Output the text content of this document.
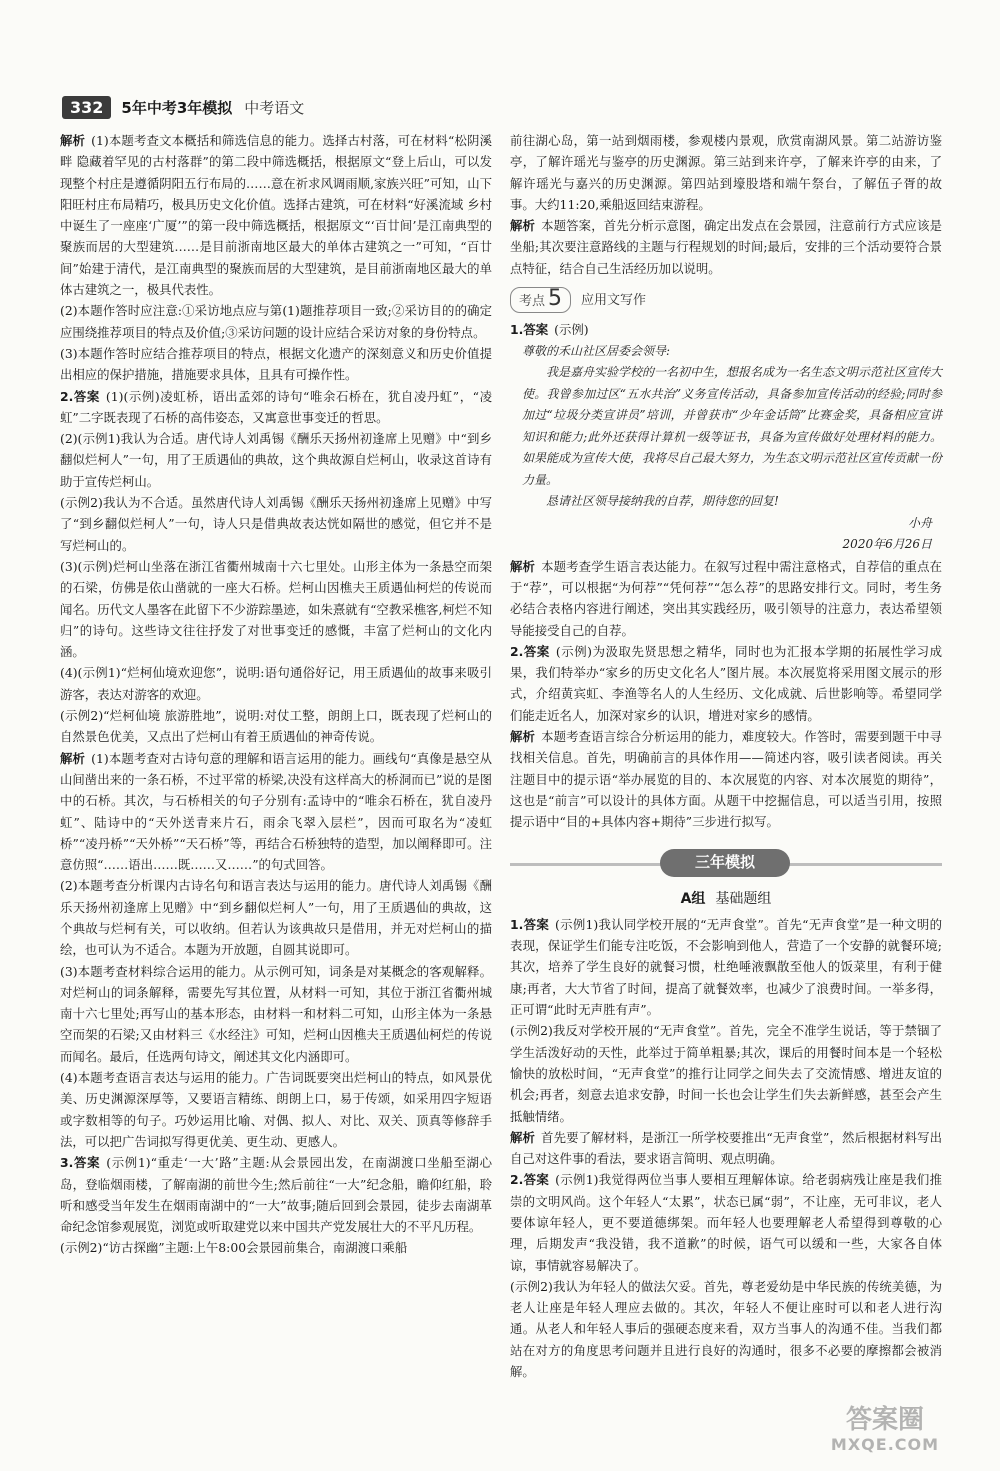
332	5年中考3年模拟 中考语文

解析 (1)本题考查文本概括和筛选信息的能力。选择古村落，可在材料“松阴溪畔 隐藏着罕见的古村落群”的第二段中筛选概括，根据原文“登上后山，可以发现整个村庄是遵循阴阳五行布局的……意在祈求风调雨顺,家族兴旺”可知，山下阳旺村庄布局精巧，极具历史文化价值。选择古建筑，可在材料“好溪流域 乡村中诞生了一座座‘广厦’”的第一段中筛选概括，根据原文“‘百廿间’是江南典型的聚族而居的大型建筑……是目前浙南地区最大的单体古建筑之一”可知，“百廿间”始建于清代，是江南典型的聚族而居的大型建筑，是目前浙南地区最大的单体古建筑之一，极具代表性。

(2)本题作答时应注意:①采访地点应与第(1)题推荐项目一致;②采访目的的确定应围绕推荐项目的特点及价值;③采访问题的设计应结合采访对象的身份特点。

(3)本题作答时应结合推荐项目的特点，根据文化遗产的深刻意义和历史价值提出相应的保护措施，措施要求具体，且具有可操作性。

2.答案 (1)(示例)凌虹桥，语出孟郊的诗句“唯余石桥在，犹自凌丹虹”，“凌虹”二字既表现了石桥的高伟姿态，又寓意世事变迁的哲思。

(2)(示例1)我认为合适。唐代诗人刘禹锡《酬乐天扬州初逢席上见赠》中“到乡翻似烂柯人”一句，用了王质遇仙的典故，这个典故源自烂柯山，收录这首诗有助于宣传烂柯山。

(示例2)我认为不合适。虽然唐代诗人刘禹锡《酬乐天扬州初逢席上见赠》中写了“到乡翻似烂柯人”一句，诗人只是借典故表达恍如隔世的感觉，但它并不是写烂柯山的。

(3)(示例)烂柯山坐落在浙江省衢州城南十六七里处。山形主体为一条悬空而架的石梁，仿佛是依山凿就的一座大石桥。烂柯山因樵夫王质遇仙柯烂的传说而闻名。历代文人墨客在此留下不少游踪墨迹，如朱熹就有“空教采樵客,柯烂不知归”的诗句。这些诗文往往抒发了对世事变迁的感慨，丰富了烂柯山的文化内涵。

(4)(示例1)“烂柯仙境欢迎您”，说明:语句通俗好记，用王质遇仙的故事来吸引游客，表达对游客的欢迎。

(示例2)“烂柯仙境 旅游胜地”，说明:对仗工整，朗朗上口，既表现了烂柯山的自然景色优美，又点出了烂柯山有着王质遇仙的神奇传说。

解析 (1)本题考查对古诗句意的理解和语言运用的能力。画线句“真像是悬空从山间凿出来的一条石桥，不过平常的桥梁,决没有这样高大的桥洞而已”说的是图中的石桥。其次，与石桥相关的句子分别有:孟诗中的“唯余石桥在，犹自凌丹虹”、陆诗中的“天外送青来片石，雨余飞翠入层栏”，因而可取名为“凌虹桥”“凌丹桥”“天外桥”“天石桥”等，再结合石桥独特的造型，加以阐释即可。注意仿照“……语出……既……又……”的句式回答。

(2)本题考查分析课内古诗名句和语言表达与运用的能力。唐代诗人刘禹锡《酬乐天扬州初逢席上见赠》中“到乡翻似烂柯人”一句，用了王质遇仙的典故，这个典故与烂柯有关，可以收纳。但若认为该典故只是借用，并无对烂柯山的描绘，也可认为不适合。本题为开放题，自圆其说即可。

(3)本题考查材料综合运用的能力。从示例可知，词条是对某概念的客观解释。对烂柯山的词条解释，需要先写其位置，从材料一可知，其位于浙江省衢州城南十六七里处;再写山的基本形态，由材料一和材料二可知，山形主体为一条悬空而架的石梁;又由材料三《水经注》可知，烂柯山因樵夫王质遇仙柯烂的传说而闻名。最后，任选两句诗文，阐述其文化内涵即可。

(4)本题考查语言表达与运用的能力。广告词既要突出烂柯山的特点，如风景优美、历史渊源深厚等，又要语言精练、朗朗上口，易于传颂，如采用四字短语或字数相等的句子。巧妙运用比喻、对偶、拟人、对比、双关、顶真等修辞手法，可以把广告词拟写得更优美、更生动、更感人。

3.答案 (示例1)“重走‘一大’路”主题:从会景园出发，在南湖渡口坐船至湖心岛，登临烟雨楼，了解南湖的前世今生;然后前往“一大”纪念船，瞻仰红船，聆听和感受当年发生在烟雨南湖中的“一大”故事;随后回到会景园，徒步去南湖革命纪念馆参观展览，浏览或听取建党以来中国共产党发展壮大的不平凡历程。

(示例2)“访古探幽”主题:上午8:00会景园前集合，南湖渡口乘船

前往湖心岛，第一站到烟雨楼，参观楼内景观，欣赏南湖风景。第二站游访鉴亭，了解许瑶光与鉴亭的历史渊源。第三站到来许亭，了解来许亭的由来，了解许瑶光与嘉兴的历史渊源。第四站到壕股塔和端午祭台，了解伍子胥的故事。大约11:20,乘船返回结束游程。

解析 本题答案，首先分析示意图，确定出发点在会景园，注意前行方式应该是坐船;其次要注意路线的主题与行程规划的时间;最后，安排的三个活动要符合景点特征，结合自己生活经历加以说明。

考点 5 应用文写作

1.答案 (示例)

尊敬的禾山社区居委会领导:

我是嘉舟实验学校的一名初中生，想报名成为一名生态文明示范社区宣传大使。我曾参加过区“五水共治”义务宣传活动，具备参加宣传活动的经验;同时参加过“垃圾分类宣讲员”培训，并曾获市“少年金话筒”比赛金奖，具备相应宣讲知识和能力;此外还获得计算机一级等证书，具备为宣传做好处理材料的能力。如果能成为宣传大使，我将尽自己最大努力，为生态文明示范社区宣传贡献一份力量。

恳请社区领导接纳我的自荐，期待您的回复!

小舟

2020年6月26日

解析 本题考查学生语言表达能力。在叙写过程中需注意格式，自荐信的重点在于“荐”，可以根据“为何荐”“凭何荐”“怎么荐”的思路安排行文。同时，考生务必结合表格内容进行阐述，突出其实践经历，吸引领导的注意力，表达希望领导能接受自己的自荐。

2.答案 (示例)为汲取先贤思想之精华，同时也为汇报本学期的拓展性学习成果，我们特举办“家乡的历史文化名人”图片展。本次展览将采用图文展示的形式，介绍黄宾虹、李渔等名人的人生经历、文化成就、后世影响等。希望同学们能走近名人，加深对家乡的认识，增进对家乡的感情。

解析 本题考查语言综合分析运用的能力，难度较大。作答时，需要到题干中寻找相关信息。首先，明确前言的具体作用——简述内容，吸引读者阅读。再关注题目中的提示语“举办展览的目的、本次展览的内容、对本次展览的期待”，这也是“前言”可以设计的具体方面。从题干中挖掘信息，可以适当引用，按照提示语中“目的+具体内容+期待”三步进行拟写。

三年模拟
A组 基础题组

1.答案 (示例1)我认同学校开展的“无声食堂”。首先“无声食堂”是一种文明的表现，保证学生们能专注吃饭，不会影响到他人，营造了一个安静的就餐环境;其次，培养了学生良好的就餐习惯，杜绝唾液飘散至他人的饭菜里，有利于健康;再者，大大节省了时间，提高了就餐效率，也减少了浪费时间。一举多得，正可谓“此时无声胜有声”。

(示例2)我反对学校开展的“无声食堂”。首先，完全不准学生说话，等于禁锢了学生活泼好动的天性，此举过于简单粗暴;其次，课后的用餐时间本是一个轻松愉快的放松时间，“无声食堂”的推行让同学之间失去了交流情感、增进友谊的机会;再者，刻意去追求安静，时间一长也会让学生们失去新鲜感，甚至会产生抵触情绪。

解析 首先要了解材料，是浙江一所学校要推出“无声食堂”，然后根据材料写出自己对这件事的看法，要求语言简明、观点明确。

2.答案 (示例1)我觉得两位当事人要相互理解体谅。给老弱病残让座是我们推崇的文明风尚。这个年轻人“太累”，状态已属“弱”，不让座，无可非议，老人要体谅年轻人，更不要道德绑架。而年轻人也要理解老人希望得到尊敬的心理，后期发声“我没错，我不道歉”的时候，语气可以缓和一些，大家各自体谅，事情就容易解决了。

(示例2)我认为年轻人的做法欠妥。首先，尊老爱幼是中华民族的传统美德，为老人让座是年轻人理应去做的。其次，年轻人不便让座时可以和老人进行沟通。从老人和年轻人事后的强硬态度来看，双方当事人的沟通不佳。当我们都站在对方的角度思考问题并且进行良好的沟通时，很多不必要的摩擦都会被消解。

答案圈
MXQE.COM
